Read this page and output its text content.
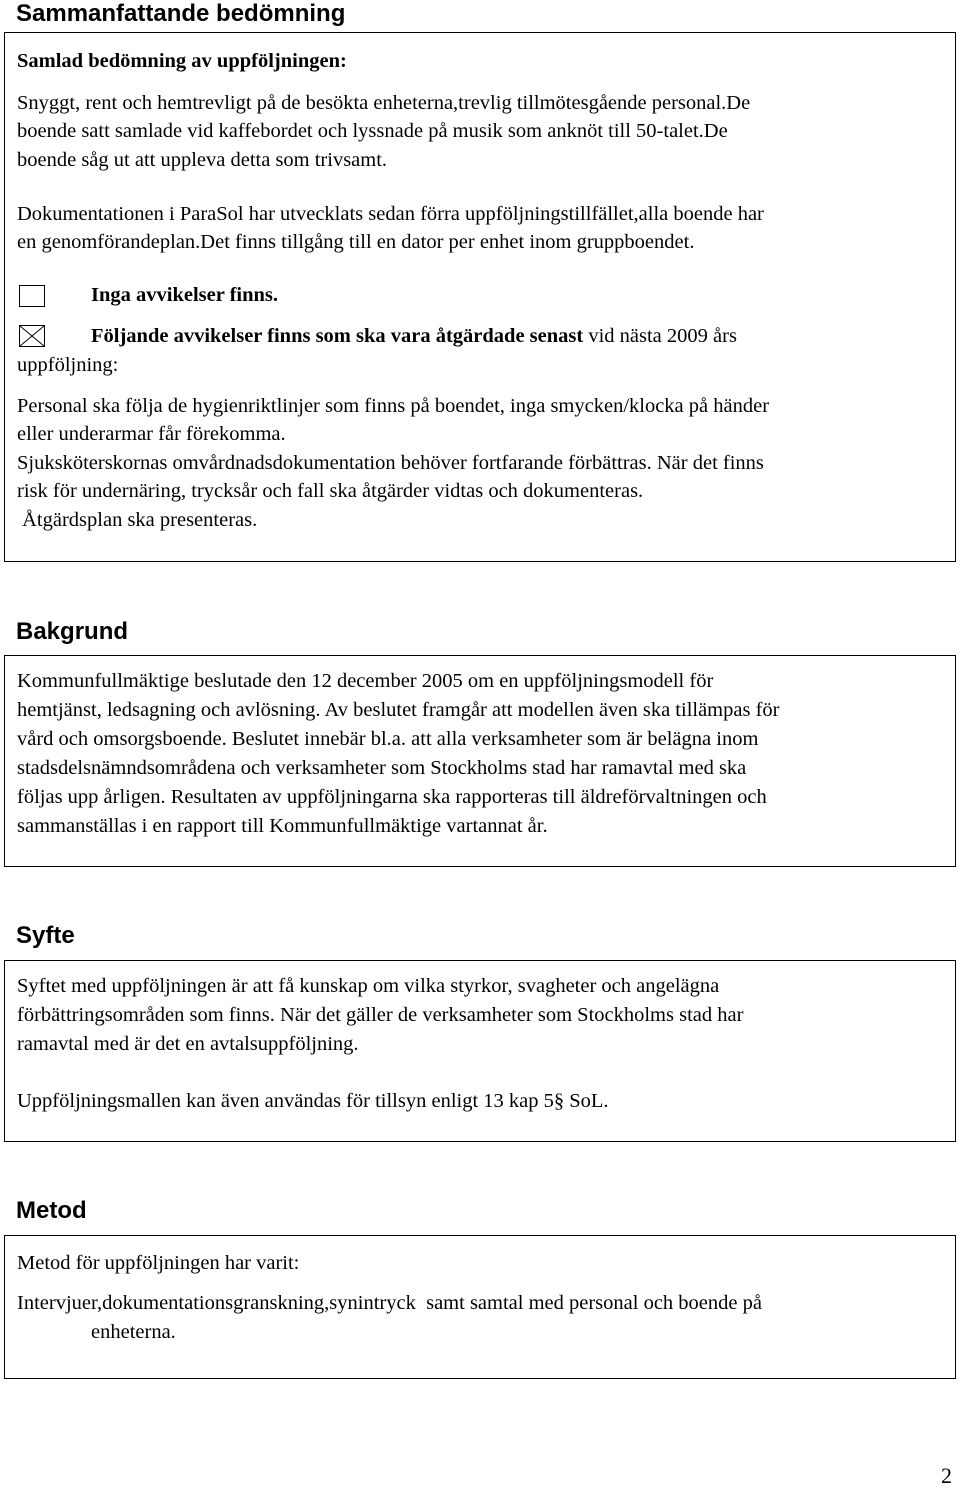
Sammanfattande bedömning

Samlad bedömning av uppföljningen:

Snyggt, rent och hemtrevligt på de besökta enheterna,trevlig tillmötesgående personal.De

boende satt samlade vid kaffebordet och lyssnade på musik som anknöt till 50-talet.De

boende såg ut att uppleva detta som trivsamt.

Dokumentationen i ParaSol har utvecklats sedan förra uppföljningstillfället,alla boende har

en genomförandeplan.Det finns tillgång till en dator per enhet inom gruppboendet.

Inga avvikelser finns.

Följande avvikelser finns som ska vara åtgärdade senast vid nästa 2009 års

uppföljning:

Personal ska följa de hygienriktlinjer som finns på boendet, inga smycken/klocka på händer

eller underarmar får förekomma.

Sjuksköterskornas omvårdnadsdokumentation behöver fortfarande förbättras. När det finns

risk för undernäring, trycksår och fall ska åtgärder vidtas och dokumenteras.

Åtgärdsplan ska presenteras.

Bakgrund

Kommunfullmäktige beslutade den 12 december 2005 om en uppföljningsmodell för

hemtjänst, ledsagning och avlösning. Av beslutet framgår att modellen även ska tillämpas för

vård och omsorgsboende. Beslutet innebär bl.a. att alla verksamheter som är belägna inom

stadsdelsnämndsområdena och verksamheter som Stockholms stad har ramavtal med ska

följas upp årligen. Resultaten av uppföljningarna ska rapporteras till äldreförvaltningen och

sammanställas i en rapport till Kommunfullmäktige vartannat år.

Syfte

Syftet med uppföljningen är att få kunskap om vilka styrkor, svagheter och angelägna

förbättringsområden som finns. När det gäller de verksamheter som Stockholms stad har

ramavtal med är det en avtalsuppföljning.

Uppföljningsmallen kan även användas för tillsyn enligt 13 kap 5§ SoL.

Metod

Metod för uppföljningen har varit:

Intervjuer,dokumentationsgranskning,synintryck  samt samtal med personal och boende på

enheterna.

2
